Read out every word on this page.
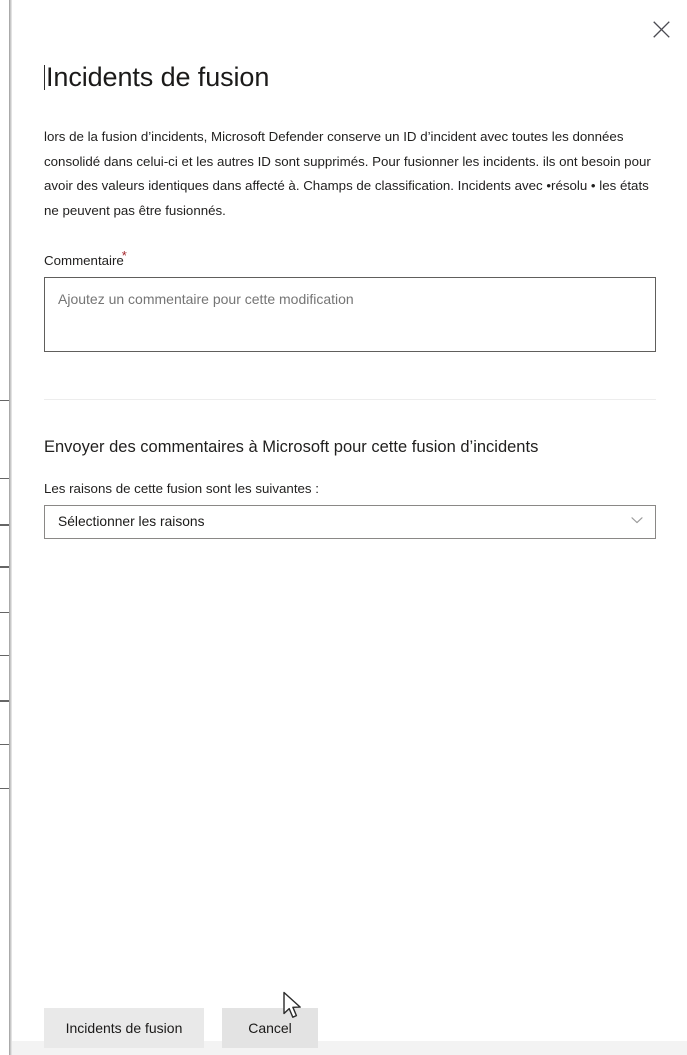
Incidents de fusion

lors de la fusion d’incidents, Microsoft Defender conserve un ID d’incident avec toutes les données consolidé dans celui-ci et les autres ID sont supprimés. Pour fusionner les incidents. ils ont besoin pour avoir des valeurs identiques dans affecté à. Champs de classification. Incidents avec •résolu • les états ne peuvent pas être fusionnés.

Commentaire
*
Ajoutez un commentaire pour cette modification
Envoyer des commentaires à Microsoft pour cette fusion d’incidents
Les raisons de cette fusion sont les suivantes :
Sélectionner les raisons
Incidents de fusion	Cancel
